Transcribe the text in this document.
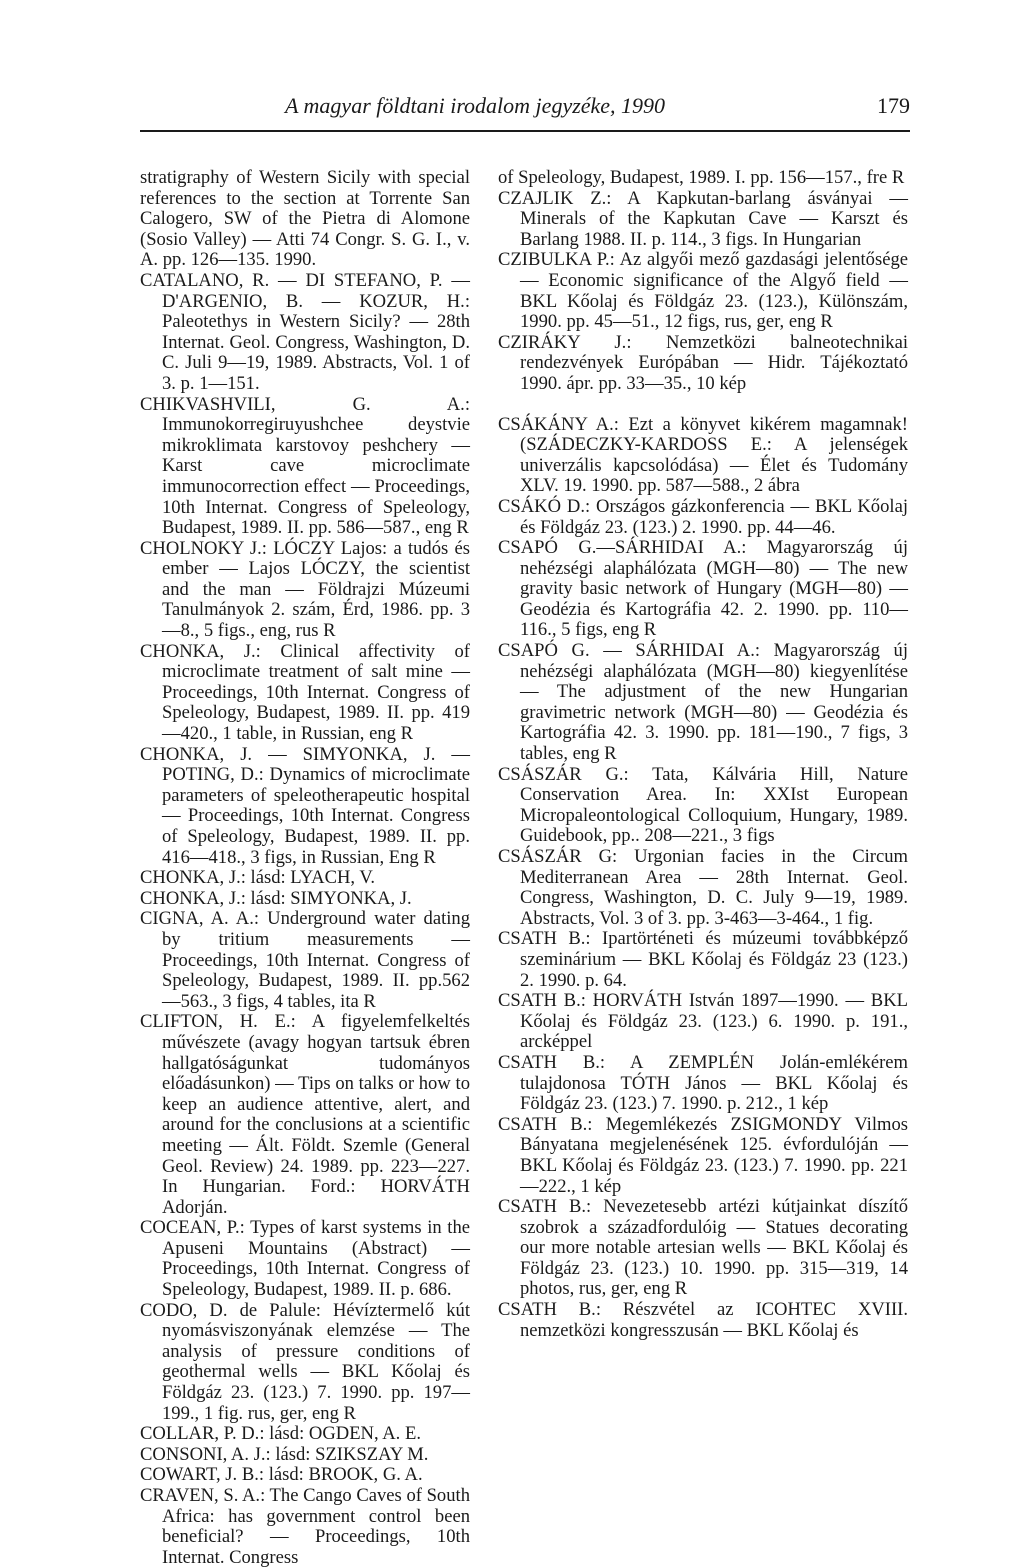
A magyar földtani irodalom jegyzéke, 1990	179

stratigraphy of Western Sicily with special references to the section at Torrente San Calogero, SW of the Pietra di Alomone (Sosio Valley) — Atti 74 Congr. S. G. I., v. A. pp. 126—135. 1990.

CATALANO, R. — DI STEFANO, P. — D'ARGENIO, B. — KOZUR, H.: Paleotethys in Western Sicily? — 28th Internat. Geol. Congress, Washington, D. C. Juli 9—19, 1989. Abstracts, Vol. 1 of 3. p. 1—151.

CHIKVASHVILI, G. A.: Immunokorregiruyushchee deystvie mikroklimata karstovoy peshchery — Karst cave microclimate immunocorrection effect — Proceedings, 10th Internat. Congress of Speleology, Budapest, 1989. II. pp. 586—587., eng R

CHOLNOKY J.: LÓCZY Lajos: a tudós és ember — Lajos LÓCZY, the scientist and the man — Földrajzi Múzeumi Tanulmányok 2. szám, Érd, 1986. pp. 3—8., 5 figs., eng, rus R

CHONKA, J.: Clinical affectivity of microclimate treatment of salt mine — Proceedings, 10th Internat. Congress of Speleology, Budapest, 1989. II. pp. 419—420., 1 table, in Russian, eng R

CHONKA, J. — SIMYONKA, J. — POTING, D.: Dynamics of microclimate parameters of speleotherapeutic hospital — Proceedings, 10th Internat. Congress of Speleology, Budapest, 1989. II. pp. 416—418., 3 figs, in Russian, Eng R

CHONKA, J.: lásd: LYACH, V.

CHONKA, J.: lásd: SIMYONKA, J.

CIGNA, A. A.: Underground water dating by tritium measurements — Proceedings, 10th Internat. Congress of Speleology, Budapest, 1989. II. pp.562—563., 3 figs, 4 tables, ita R

CLIFTON, H. E.: A figyelemfelkeltés művészete (avagy hogyan tartsuk ébren hallgatóságunkat tudományos előadásunkon) — Tips on talks or how to keep an audience attentive, alert, and around for the conclusions at a scientific meeting — Ált. Földt. Szemle (General Geol. Review) 24. 1989. pp. 223—227. In Hungarian. Ford.: HORVÁTH Adorján.

COCEAN, P.: Types of karst systems in the Apuseni Mountains (Abstract) — Proceedings, 10th Internat. Congress of Speleology, Budapest, 1989. II. p. 686.

CODO, D. de Palule: Hévíztermelő kút nyomásviszonyának elemzése — The analysis of pressure conditions of geothermal wells — BKL Kőolaj és Földgáz 23. (123.) 7. 1990. pp. 197—199., 1 fig. rus, ger, eng R

COLLAR, P. D.: lásd: OGDEN, A. E.

CONSONI, A. J.: lásd: SZIKSZAY M.

COWART, J. B.: lásd: BROOK, G. A.

CRAVEN, S. A.: The Cango Caves of South Africa: has government control been beneficial? — Proceedings, 10th Internat. Congress

of Speleology, Budapest, 1989. I. pp. 156—157., fre R

CZAJLIK Z.: A Kapkutan-barlang ásványai — Minerals of the Kapkutan Cave — Karszt és Barlang 1988. II. p. 114., 3 figs. In Hungarian

CZIBULKA P.: Az algyői mező gazdasági jelentősége — Economic significance of the Algyő field — BKL Kőolaj és Földgáz 23. (123.), Különszám, 1990. pp. 45—51., 12 figs, rus, ger, eng R

CZIRÁKY J.: Nemzetközi balneotechnikai rendezvények Európában — Hidr. Tájékoztató 1990. ápr. pp. 33—35., 10 kép

CSÁKÁNY A.: Ezt a könyvet kikérem magamnak! (SZÁDECZKY-KARDOSS E.: A jelenségek univerzális kapcsolódása) — Élet és Tudomány XLV. 19. 1990. pp. 587—588., 2 ábra

CSÁKÓ D.: Országos gázkonferencia — BKL Kőolaj és Földgáz 23. (123.) 2. 1990. pp. 44—46.

CSAPÓ G.—SÁRHIDAI A.: Magyarország új nehézségi alaphálózata (MGH—80) — The new gravity basic network of Hungary (MGH—80) — Geodézia és Kartográfia 42. 2. 1990. pp. 110—116., 5 figs, eng R

CSAPÓ G. — SÁRHIDAI A.: Magyarország új nehézségi alaphálózata (MGH—80) kiegyenlítése — The adjustment of the new Hungarian gravimetric network (MGH—80) — Geodézia és Kartográfia 42. 3. 1990. pp. 181—190., 7 figs, 3 tables, eng R

CSÁSZÁR G.: Tata, Kálvária Hill, Nature Conservation Area. In: XXIst European Micropaleontological Colloquium, Hungary, 1989. Guidebook, pp.. 208—221., 3 figs

CSÁSZÁR G: Urgonian facies in the Circum Mediterranean Area — 28th Internat. Geol. Congress, Washington, D. C. July 9—19, 1989. Abstracts, Vol. 3 of 3. pp. 3-463—3-464., 1 fig.

CSATH B.: Ipartörténeti és múzeumi továbbképző szeminárium — BKL Kőolaj és Földgáz 23 (123.) 2. 1990. p. 64.

CSATH B.: HORVÁTH István 1897—1990. — BKL Kőolaj és Földgáz 23. (123.) 6. 1990. p. 191., arcképpel

CSATH B.: A ZEMPLÉN Jolán-emlékérem tulajdonosa TÓTH János — BKL Kőolaj és Földgáz 23. (123.) 7. 1990. p. 212., 1 kép

CSATH B.: Megemlékezés ZSIGMONDY Vilmos Bányatana megjelenésének 125. évfordulóján — BKL Kőolaj és Földgáz 23. (123.) 7. 1990. pp. 221—222., 1 kép

CSATH B.: Nevezetesebb artézi kútjainkat díszítő szobrok a századfordulóig — Statues decorating our more notable artesian wells — BKL Kőolaj és Földgáz 23. (123.) 10. 1990. pp. 315—319, 14 photos, rus, ger, eng R

CSATH B.: Részvétel az ICOHTEC XVIII. nemzetközi kongresszusán — BKL Kőolaj és
